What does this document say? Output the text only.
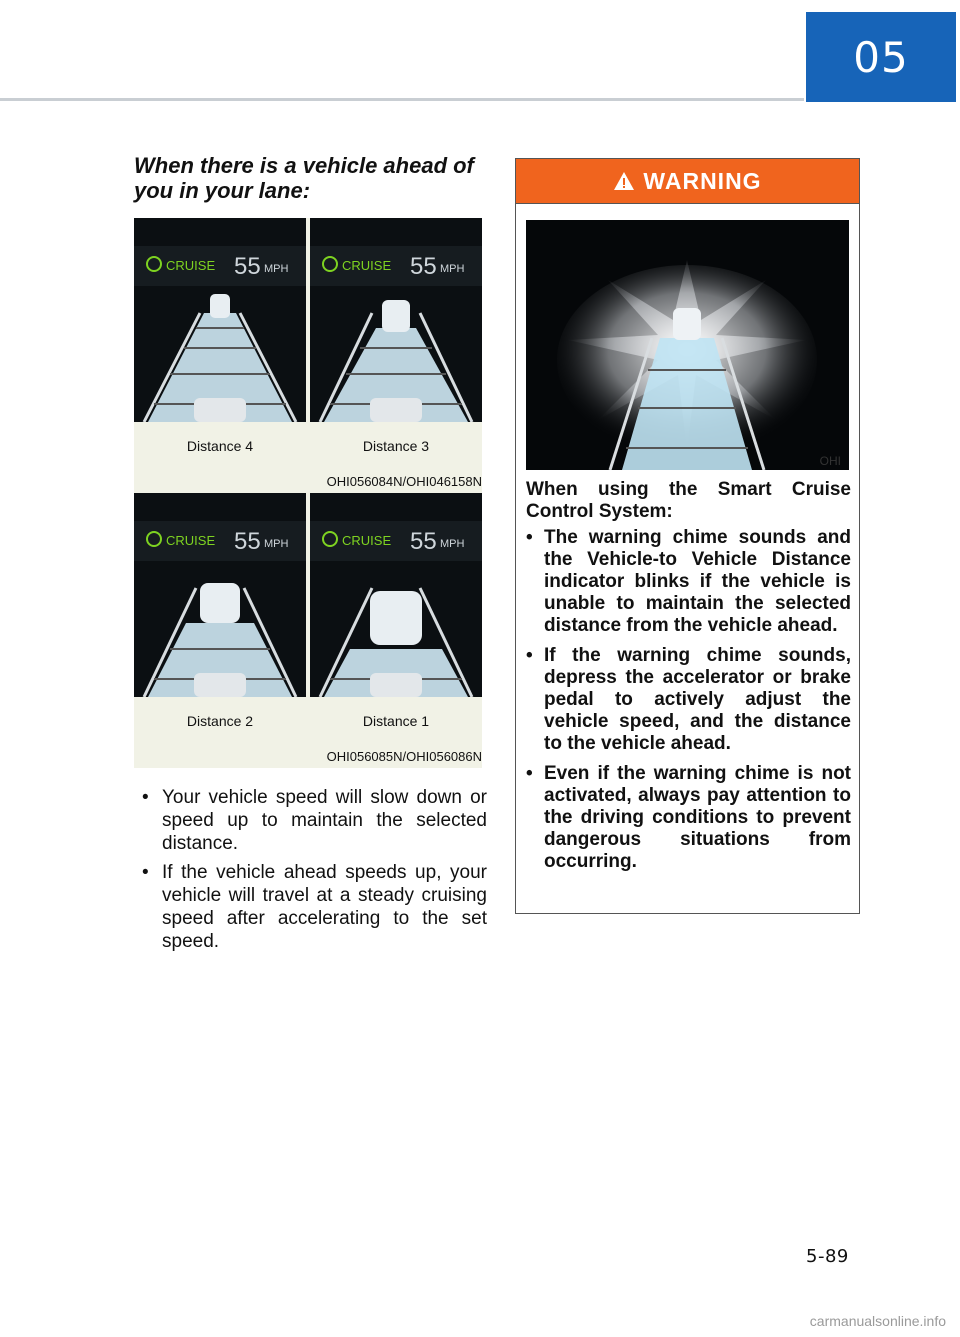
05
When there is a vehicle ahead of you in your lane:
CRUISE 55 MPH	CRUISE 55 MPH
Distance 4	Distance 3
OHI056084N/OHI046158N
CRUISE 55 MPH	CRUISE 55 MPH
Distance 2	Distance 1
OHI056085N/OHI056086N
• Your vehicle speed will slow down or speed up to maintain the selected distance.
• If the vehicle ahead speeds up, your vehicle will travel at a steady cruising speed after accelerating to the set speed.
WARNING
OHI

When using the Smart Cruise Control System:

• The warning chime sounds and the Vehicle-to Vehicle Distance indicator blinks if the vehicle is unable to maintain the selected distance from the vehicle ahead.
• If the warning chime sounds, depress the accelerator or brake pedal to actively adjust the vehicle speed, and the distance to the vehicle ahead.
• Even if the warning chime is not activated, always pay attention to the driving conditions to prevent dangerous situations from occurring.
5-89
carmanualsonline.info
